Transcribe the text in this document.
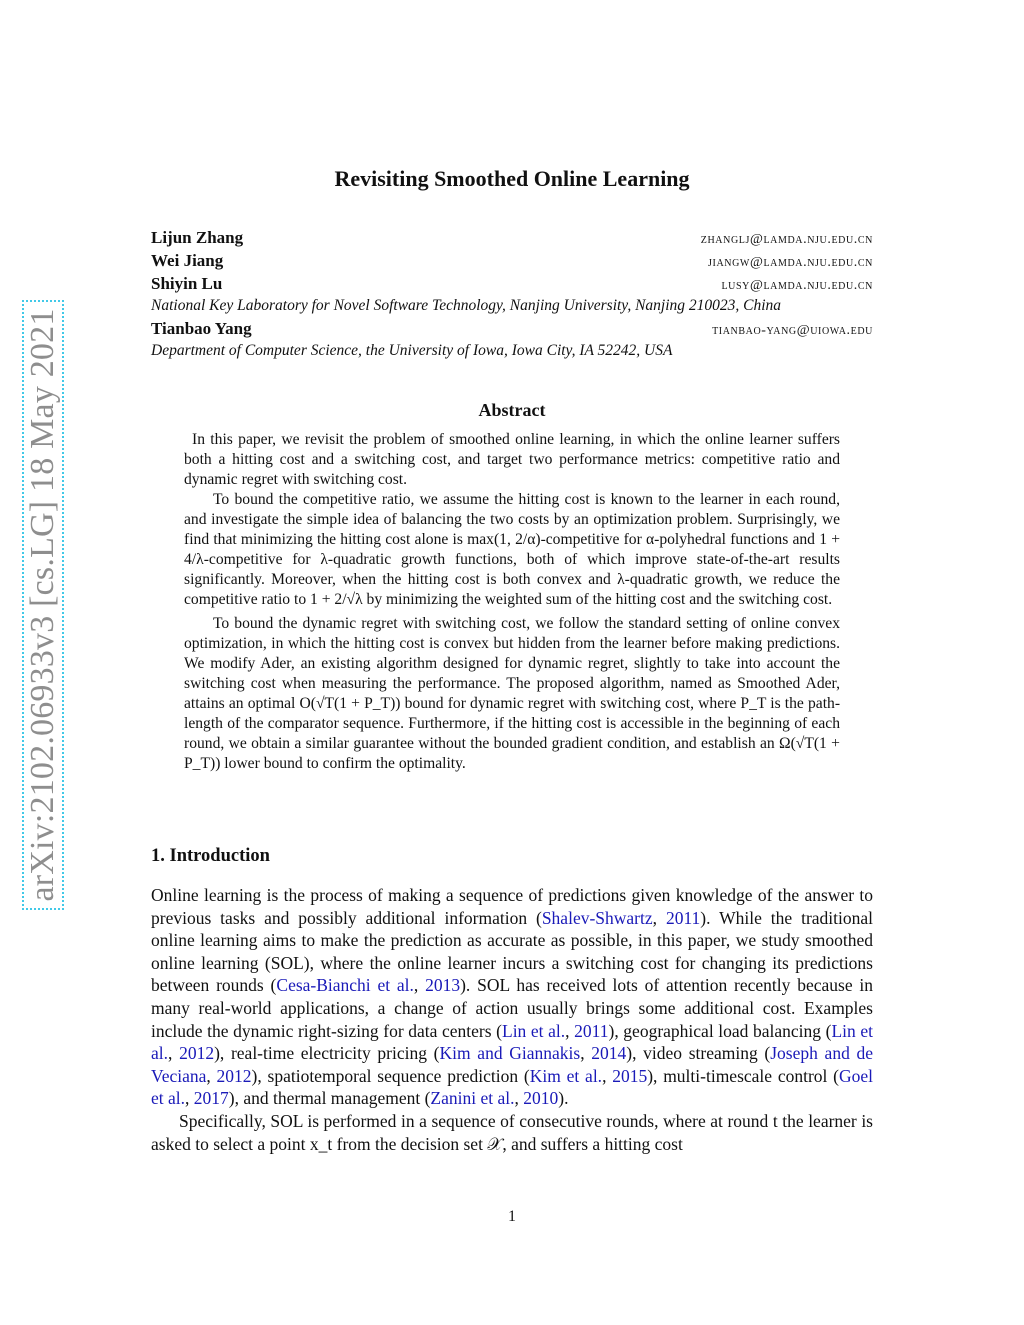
arXiv:2102.06933v3 [cs.LG] 18 May 2021
Revisiting Smoothed Online Learning
Lijun Zhang	zhanglj@lamda.nju.edu.cn
Wei Jiang	jiangw@lamda.nju.edu.cn
Shiyin Lu	lusy@lamda.nju.edu.cn
National Key Laboratory for Novel Software Technology, Nanjing University, Nanjing 210023, China
Tianbao Yang	tianbao-yang@uiowa.edu
Department of Computer Science, the University of Iowa, Iowa City, IA 52242, USA
Abstract

In this paper, we revisit the problem of smoothed online learning, in which the online learner suffers both a hitting cost and a switching cost, and target two performance metrics: competitive ratio and dynamic regret with switching cost.

To bound the competitive ratio, we assume the hitting cost is known to the learner in each round, and investigate the simple idea of balancing the two costs by an optimization problem. Surprisingly, we find that minimizing the hitting cost alone is max(1, 2/α)-competitive for α-polyhedral functions and 1 + 4/λ-competitive for λ-quadratic growth functions, both of which improve state-of-the-art results significantly. Moreover, when the hitting cost is both convex and λ-quadratic growth, we reduce the competitive ratio to 1 + 2/√λ by minimizing the weighted sum of the hitting cost and the switching cost.

To bound the dynamic regret with switching cost, we follow the standard setting of online convex optimization, in which the hitting cost is convex but hidden from the learner before making predictions. We modify Ader, an existing algorithm designed for dynamic regret, slightly to take into account the switching cost when measuring the performance. The proposed algorithm, named as Smoothed Ader, attains an optimal O(√T(1 + P_T)) bound for dynamic regret with switching cost, where P_T is the path-length of the comparator sequence. Furthermore, if the hitting cost is accessible in the beginning of each round, we obtain a similar guarantee without the bounded gradient condition, and establish an Ω(√T(1 + P_T)) lower bound to confirm the optimality.

1. Introduction

Online learning is the process of making a sequence of predictions given knowledge of the answer to previous tasks and possibly additional information (Shalev-Shwartz, 2011). While the traditional online learning aims to make the prediction as accurate as possible, in this paper, we study smoothed online learning (SOL), where the online learner incurs a switching cost for changing its predictions between rounds (Cesa-Bianchi et al., 2013). SOL has received lots of attention recently because in many real-world applications, a change of action usually brings some additional cost. Examples include the dynamic right-sizing for data centers (Lin et al., 2011), geographical load balancing (Lin et al., 2012), real-time electricity pricing (Kim and Giannakis, 2014), video streaming (Joseph and de Veciana, 2012), spatiotemporal sequence prediction (Kim et al., 2015), multi-timescale control (Goel et al., 2017), and thermal management (Zanini et al., 2010).

Specifically, SOL is performed in a sequence of consecutive rounds, where at round t the learner is asked to select a point x_t from the decision set 𝒳, and suffers a hitting cost

1
